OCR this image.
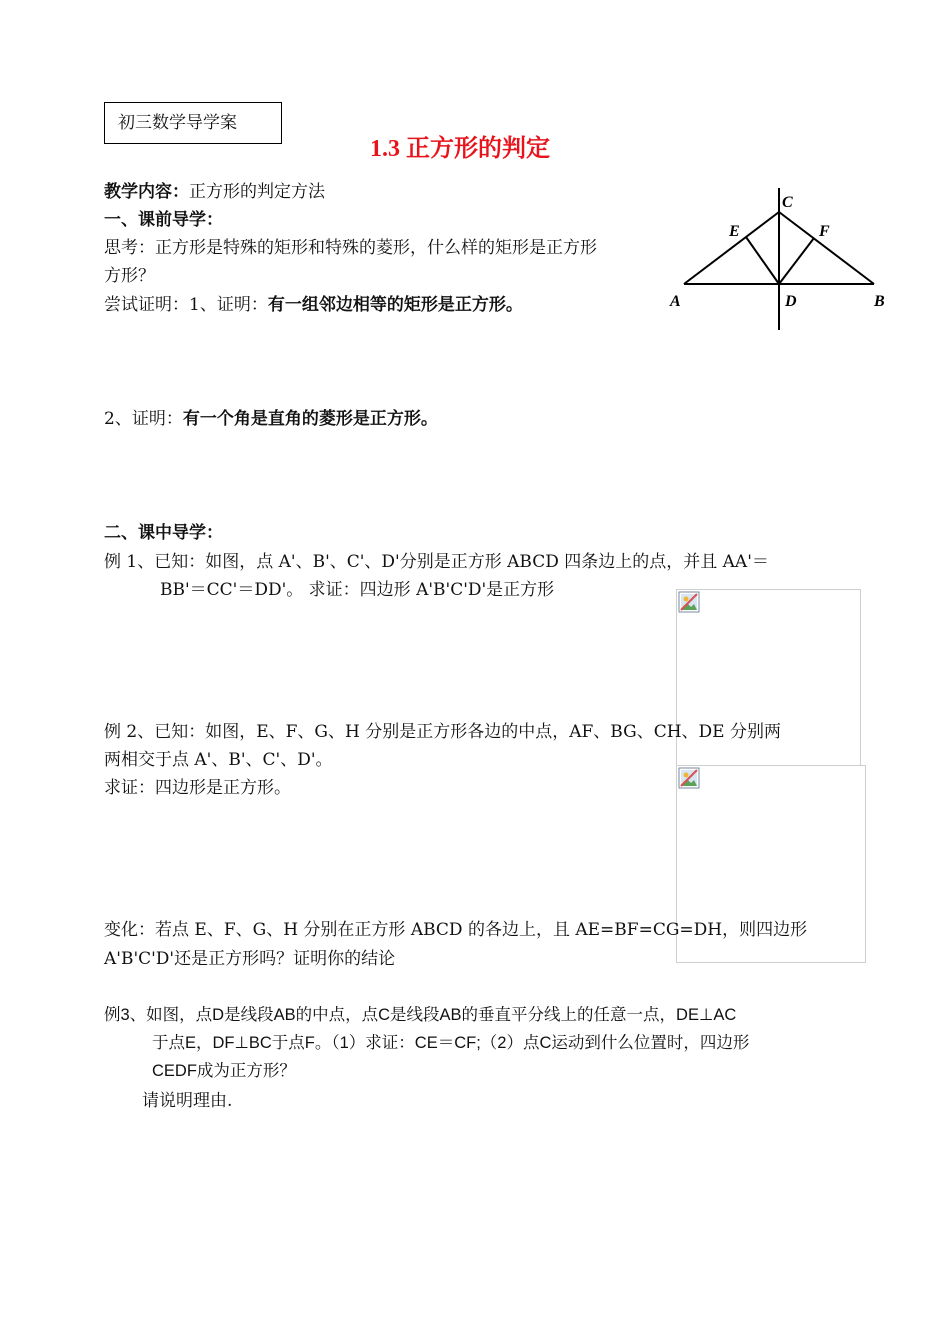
初三数学导学案
1.3 正方形的判定
教学内容：正方形的判定方法
一、课前导学：
思考：正方形是特殊的矩形和特殊的菱形，什么样的矩形是正方形
方形？
尝试证明：1、证明：有一组邻边相等的矩形是正方形。
2、证明：有一个角是直角的菱形是正方形。
A	B
C
D
E	F
二、课中导学：
例 1、已知：如图，点 A'、B'、C'、D'分别是正方形 ABCD 四条边上的点，并且 AA'＝
BB'＝CC'＝DD'。 求证：四边形 A'B'C'D'是正方形
例 2、已知：如图，E、F、G、H 分别是正方形各边的中点，AF、BG、CH、DE 分别两
两相交于点 A'、B'、C'、D'。
求证：四边形是正方形。
变化：若点 E、F、G、H 分别在正方形 ABCD 的各边上，且 AE=BF=CG=DH，则四边形
A'B'C'D'还是正方形吗？证明你的结论
例3、如图，点D是线段AB的中点，点C是线段AB的垂直平分线上的任意一点，DE⊥AC
于点E，DF⊥BC于点F。（1）求证：CE＝CF;（2）点C运动到什么位置时，四边形
CEDF成为正方形？
请说明理由.
